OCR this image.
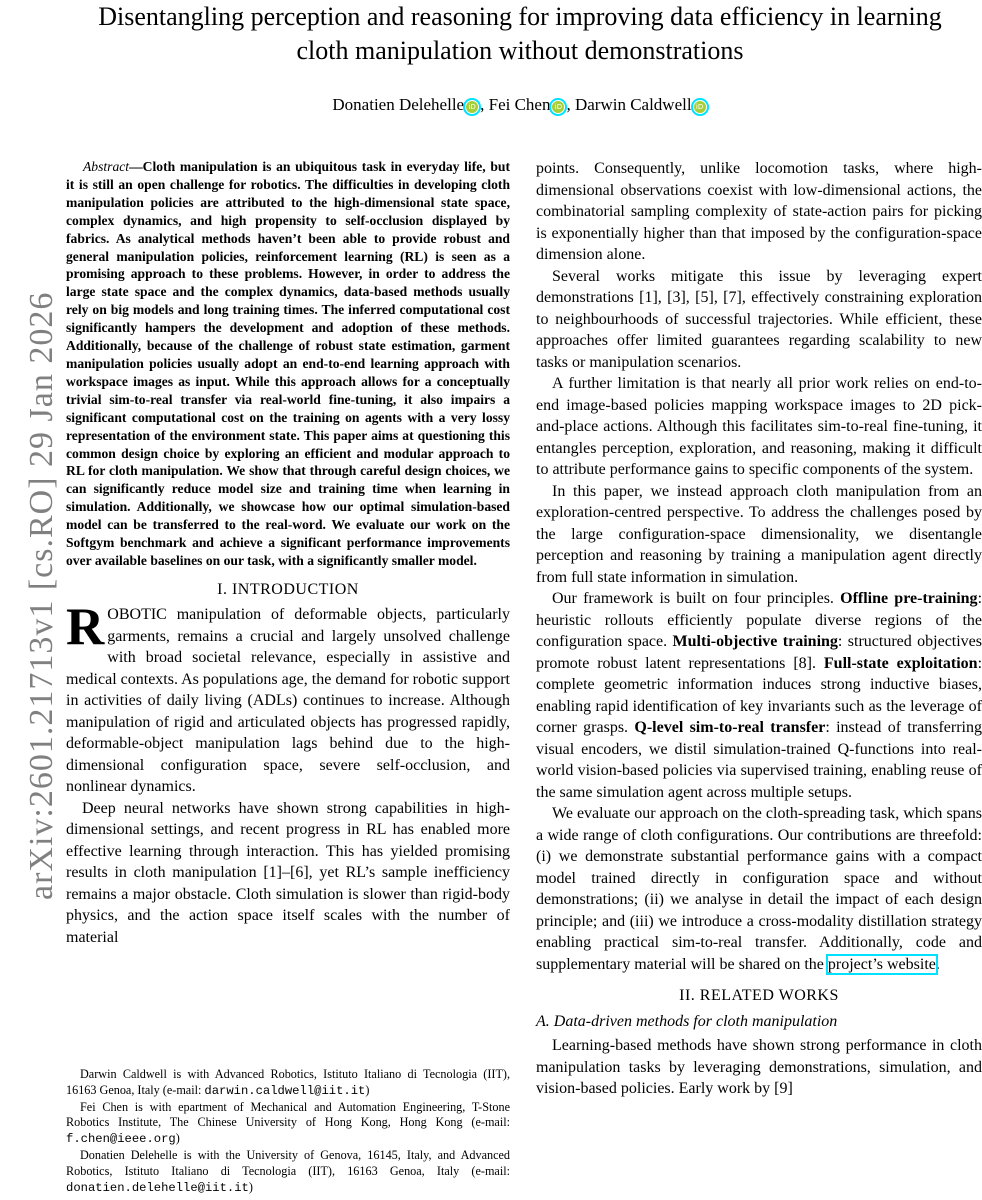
Disentangling perception and reasoning for improving data efficiency in learning cloth manipulation without demonstrations
Donatien Delehelle iD , Fei Chen iD , Darwin Caldwell iD
arXiv:2601.21713v1 [cs.RO] 29 Jan 2026

Abstract—Cloth manipulation is an ubiquitous task in everyday life, but it is still an open challenge for robotics. The difficulties in developing cloth manipulation policies are attributed to the high-dimensional state space, complex dynamics, and high propensity to self-occlusion displayed by fabrics. As analytical methods haven’t been able to provide robust and general manipulation policies, reinforcement learning (RL) is seen as a promising approach to these problems. However, in order to address the large state space and the complex dynamics, data-based methods usually rely on big models and long training times. The inferred computational cost significantly hampers the development and adoption of these methods. Additionally, because of the challenge of robust state estimation, garment manipulation policies usually adopt an end-to-end learning approach with workspace images as input. While this approach allows for a conceptually trivial sim-to-real transfer via real-world fine-tuning, it also impairs a significant computational cost on the training on agents with a very lossy representation of the environment state. This paper aims at questioning this common design choice by exploring an efficient and modular approach to RL for cloth manipulation. We show that through careful design choices, we can significantly reduce model size and training time when learning in simulation. Additionally, we showcase how our optimal simulation-based model can be transferred to the real-word. We evaluate our work on the Softgym benchmark and achieve a significant performance improvements over available baselines on our task, with a significantly smaller model.

I. INTRODUCTION

ROBOTIC manipulation of deformable objects, particularly garments, remains a crucial and largely unsolved challenge with broad societal relevance, especially in assistive and medical contexts. As populations age, the demand for robotic support in activities of daily living (ADLs) continues to increase. Although manipulation of rigid and articulated objects has progressed rapidly, deformable-object manipulation lags behind due to the high-dimensional configuration space, severe self-occlusion, and nonlinear dynamics.

Deep neural networks have shown strong capabilities in high-dimensional settings, and recent progress in RL has enabled more effective learning through interaction. This has yielded promising results in cloth manipulation [1]–[6], yet RL’s sample inefficiency remains a major obstacle. Cloth simulation is slower than rigid-body physics, and the action space itself scales with the number of material

Darwin Caldwell is with Advanced Robotics, Istituto Italiano di Tecnologia (IIT), 16163 Genoa, Italy (e-mail: darwin.caldwell@iit.it)

Fei Chen is with epartment of Mechanical and Automation Engineering, T-Stone Robotics Institute, The Chinese University of Hong Kong, Hong Kong (e-mail: f.chen@ieee.org)

Donatien Delehelle is with the University of Genova, 16145, Italy, and Advanced Robotics, Istituto Italiano di Tecnologia (IIT), 16163 Genoa, Italy (e-mail: donatien.delehelle@iit.it)

points. Consequently, unlike locomotion tasks, where high-dimensional observations coexist with low-dimensional actions, the combinatorial sampling complexity of state-action pairs for picking is exponentially higher than that imposed by the configuration-space dimension alone.

Several works mitigate this issue by leveraging expert demonstrations [1], [3], [5], [7], effectively constraining exploration to neighbourhoods of successful trajectories. While efficient, these approaches offer limited guarantees regarding scalability to new tasks or manipulation scenarios.

A further limitation is that nearly all prior work relies on end-to-end image-based policies mapping workspace images to 2D pick-and-place actions. Although this facilitates sim-to-real fine-tuning, it entangles perception, exploration, and reasoning, making it difficult to attribute performance gains to specific components of the system.

In this paper, we instead approach cloth manipulation from an exploration-centred perspective. To address the challenges posed by the large configuration-space dimensionality, we disentangle perception and reasoning by training a manipulation agent directly from full state information in simulation.

Our framework is built on four principles. Offline pre-training: heuristic rollouts efficiently populate diverse regions of the configuration space. Multi-objective training: structured objectives promote robust latent representations [8]. Full-state exploitation: complete geometric information induces strong inductive biases, enabling rapid identification of key invariants such as the leverage of corner grasps. Q-level sim-to-real transfer: instead of transferring visual encoders, we distil simulation-trained Q-functions into real-world vision-based policies via supervised training, enabling reuse of the same simulation agent across multiple setups.

We evaluate our approach on the cloth-spreading task, which spans a wide range of cloth configurations. Our contributions are threefold: (i) we demonstrate substantial performance gains with a compact model trained directly in configuration space and without demonstrations; (ii) we analyse in detail the impact of each design principle; and (iii) we introduce a cross-modality distillation strategy enabling practical sim-to-real transfer. Additionally, code and supplementary material will be shared on the project’s website.

II. RELATED WORKS
A. Data-driven methods for cloth manipulation

Learning-based methods have shown strong performance in cloth manipulation tasks by leveraging demonstrations, simulation, and vision-based policies. Early work by [9]
